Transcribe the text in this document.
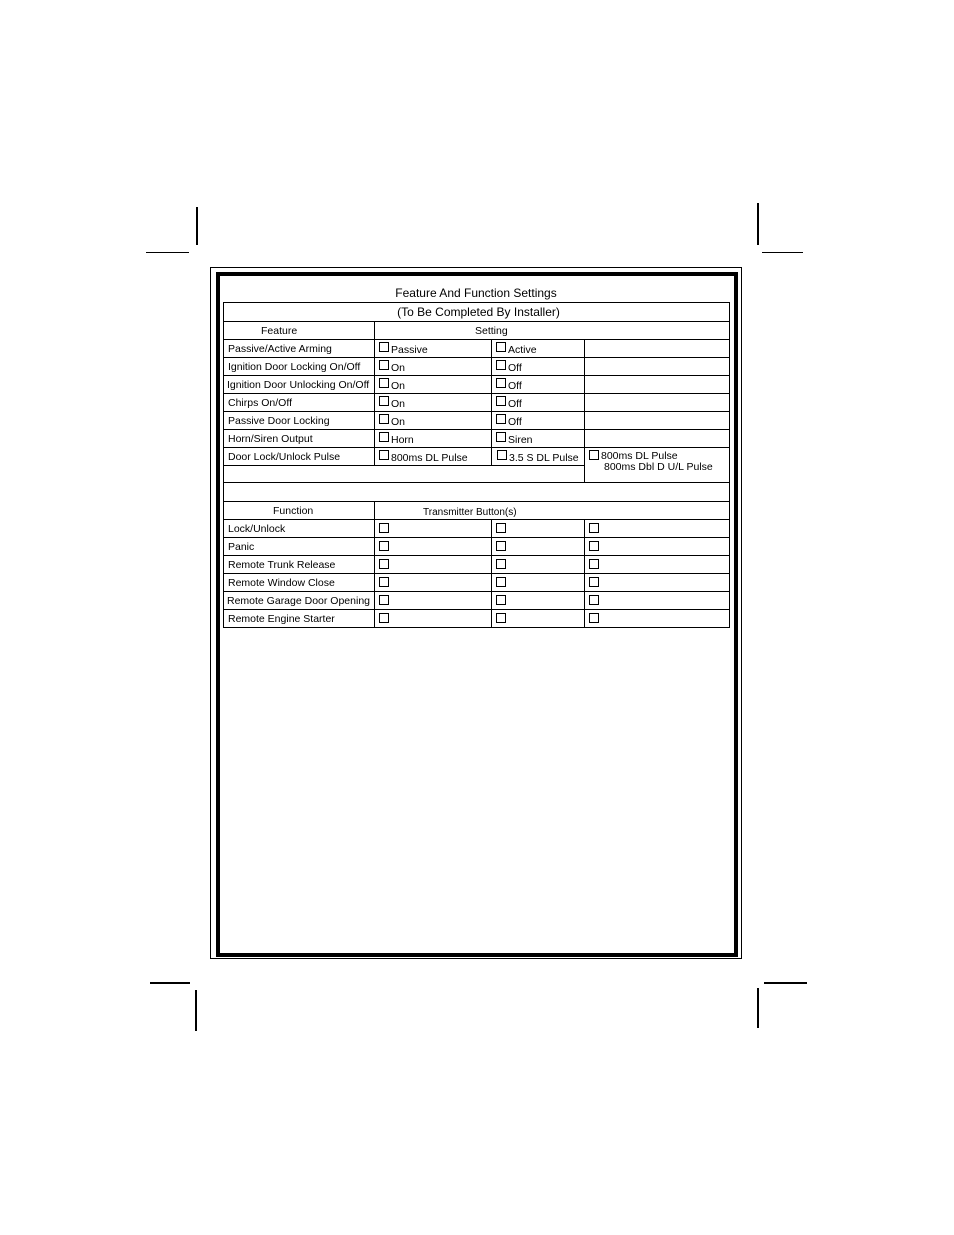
Feature And Function Settings
(To Be Completed By Installer)			
Feature	Setting		
Passive/Active Arming	Passive	Active	
Ignition Door Locking On/Off	On	Off	
Ignition Door Unlocking On/Off	On	Off	
Chirps On/Off	On	Off	
Passive Door Locking	On	Off	
Horn/Siren Output	Horn	Siren	
Door Lock/Unlock Pulse	800ms DL Pulse	3.5 S DL Pulse	800ms DL Pulse
800ms Dbl D U/L Pulse

Function	Transmitter Button(s)		
Lock/Unlock			
Panic			
Remote Trunk Release			
Remote Window Close			
Remote Garage Door Opening			
Remote Engine Starter			
